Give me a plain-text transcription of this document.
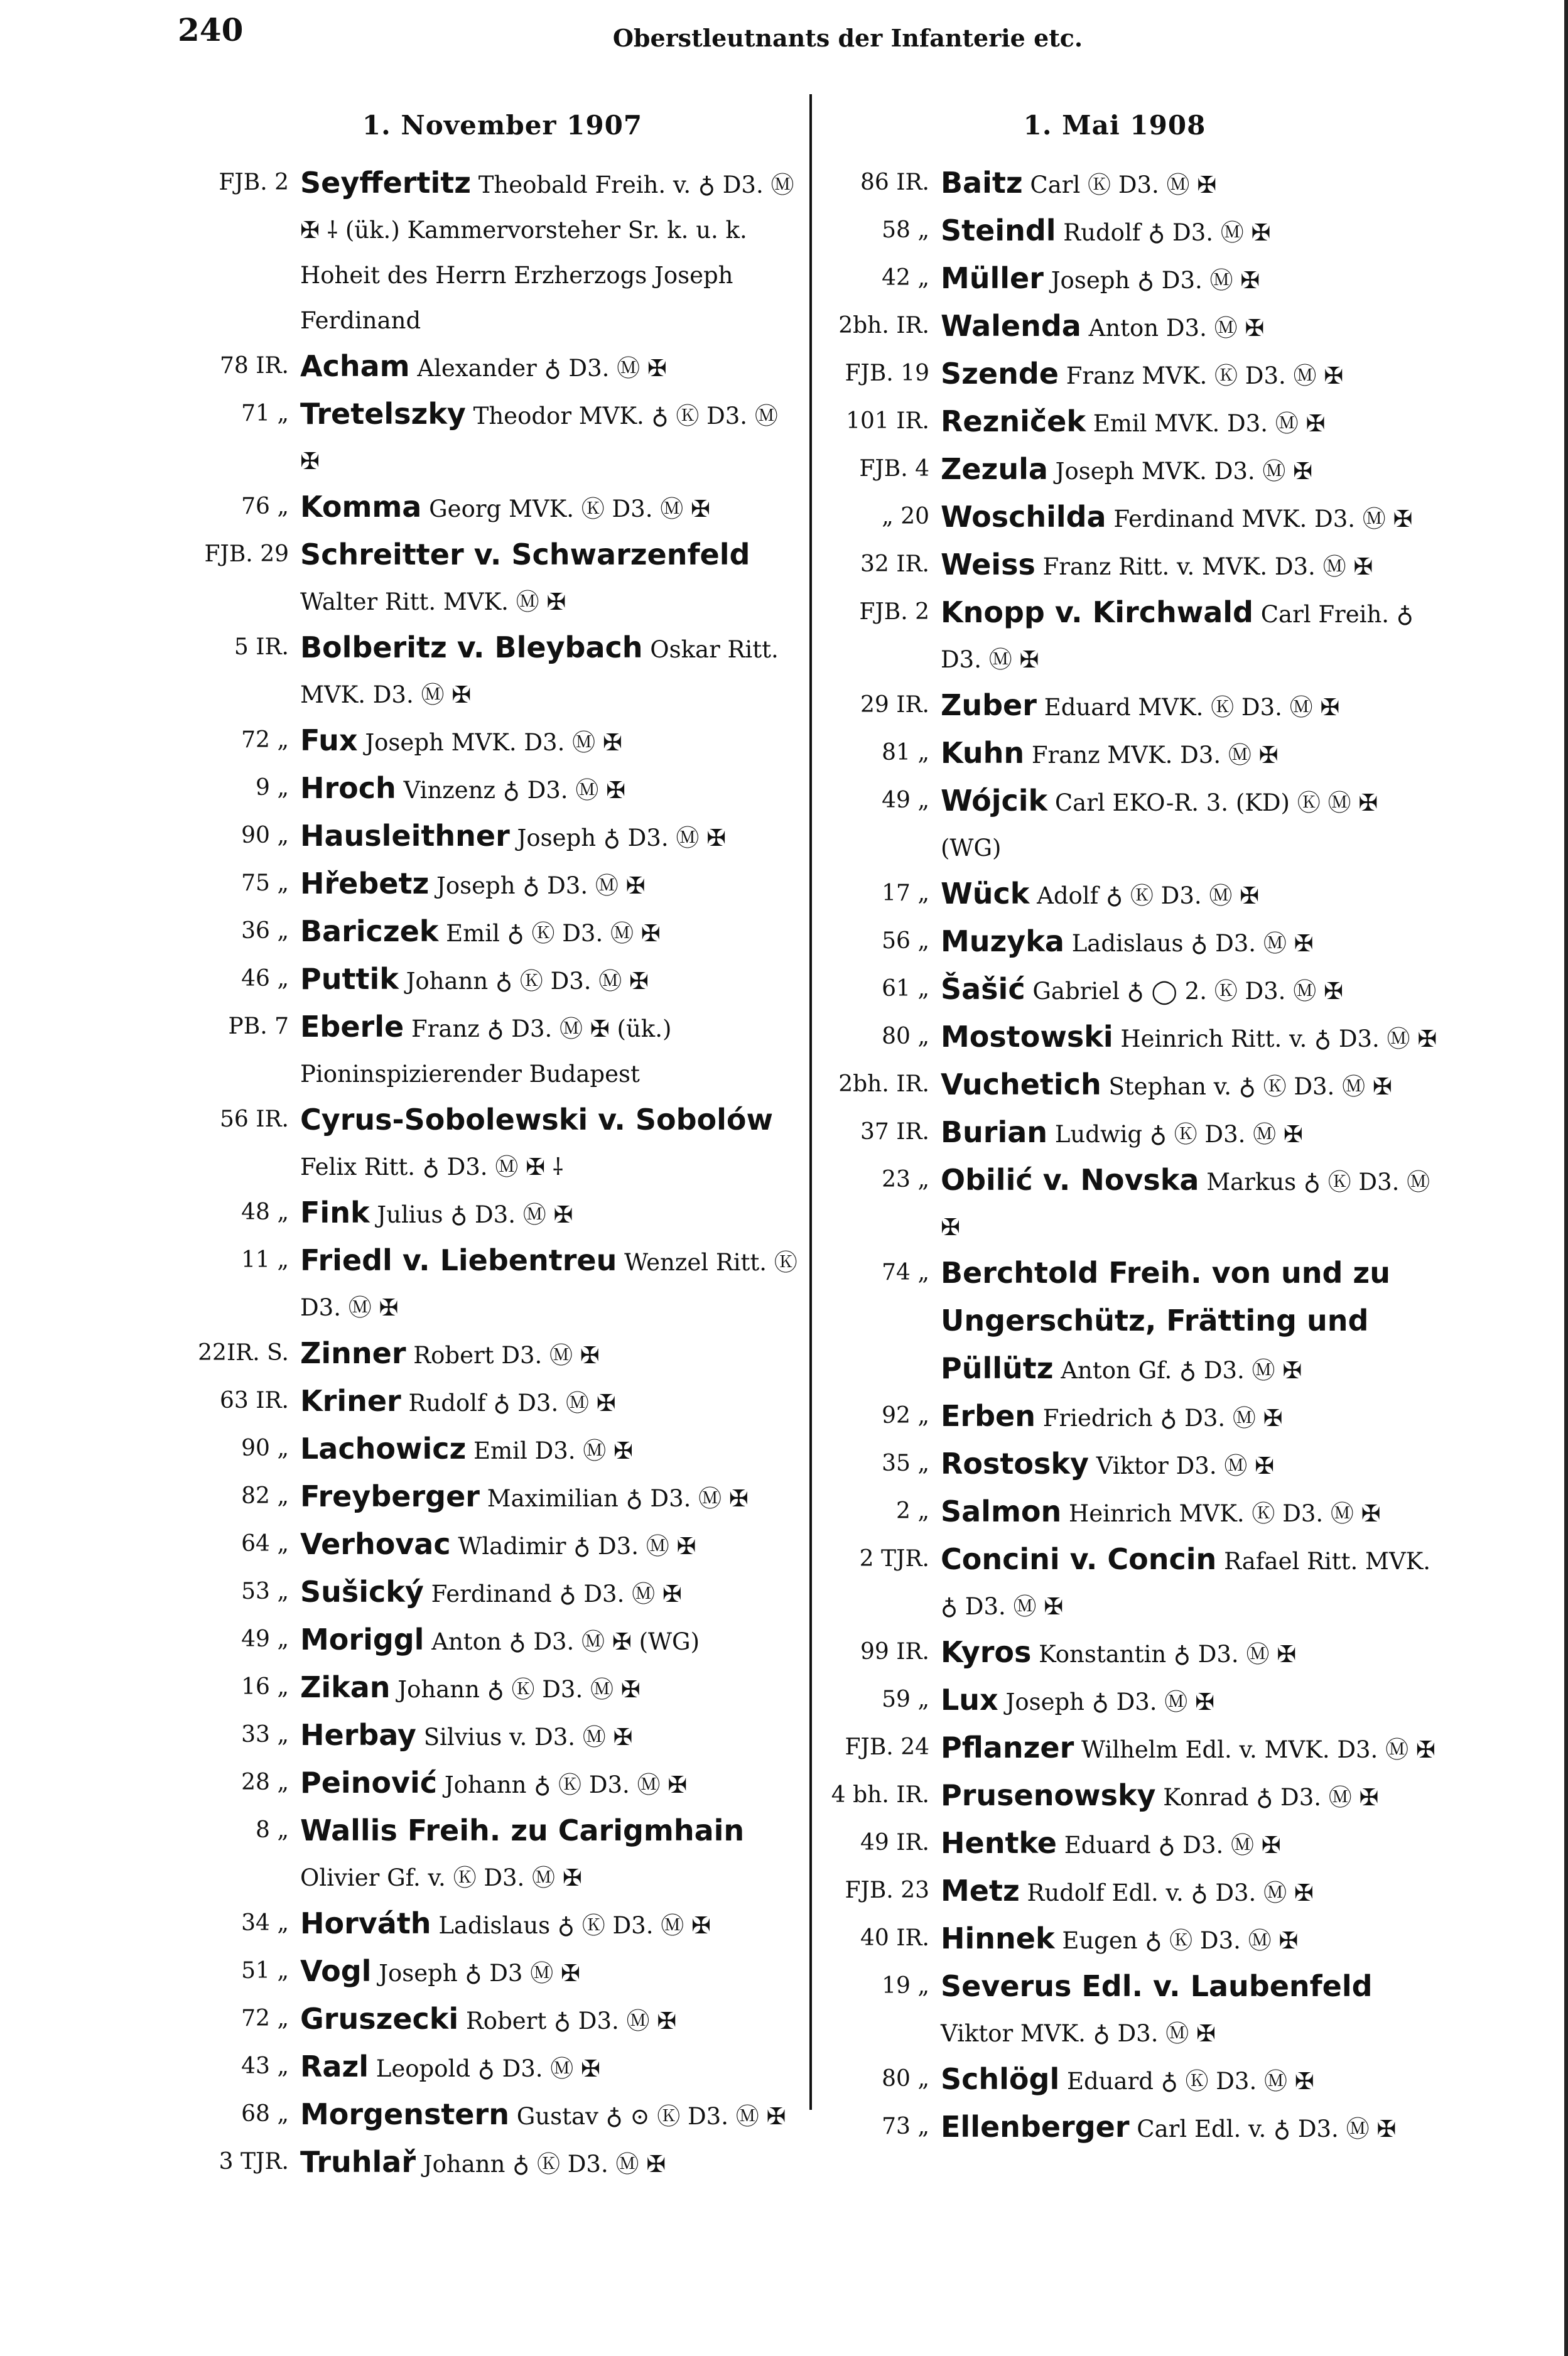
240	Oberstleutnants der Infanterie etc.
1. November 1907	1. Mai 1908
FJB. 2 Seyffertitz Theobald Freih. v. ♁ D3. Ⓜ ✠ ⸸ (ük.) Kammervorsteher Sr. k. u. k. Hoheit des Herrn Erzherzogs Joseph Ferdinand
78 IR. Acham Alexander ♁ D3. Ⓜ ✠
71 „ Tretelszky Theodor MVK. ♁ Ⓚ D3. Ⓜ ✠
76 „ Komma Georg MVK. Ⓚ D3. Ⓜ ✠
FJB. 29 Schreitter v. Schwarzenfeld Walter Ritt. MVK. Ⓜ ✠
5 IR. Bolberitz v. Bleybach Oskar Ritt. MVK. D3. Ⓜ ✠
72 „ Fux Joseph MVK. D3. Ⓜ ✠
9 „ Hroch Vinzenz ♁ D3. Ⓜ ✠
90 „ Hausleithner Joseph ♁ D3. Ⓜ ✠
75 „ Hřebetz Joseph ♁ D3. Ⓜ ✠
36 „ Bariczek Emil ♁ Ⓚ D3. Ⓜ ✠
46 „ Puttik Johann ♁ Ⓚ D3. Ⓜ ✠
PB. 7 Eberle Franz ♁ D3. Ⓜ ✠ (ük.) Pioninspizierender Budapest
56 IR. Cyrus-Sobolewski v. Sobolów Felix Ritt. ♁ D3. Ⓜ ✠ ⸸
48 „ Fink Julius ♁ D3. Ⓜ ✠
11 „ Friedl v. Liebentreu Wenzel Ritt. Ⓚ D3. Ⓜ ✠
22IR. S. Zinner Robert D3. Ⓜ ✠
63 IR. Kriner Rudolf ♁ D3. Ⓜ ✠
90 „ Lachowicz Emil D3. Ⓜ ✠
82 „ Freyberger Maximilian ♁ D3. Ⓜ ✠
64 „ Verhovac Wladimir ♁ D3. Ⓜ ✠
53 „ Sušický Ferdinand ♁ D3. Ⓜ ✠
49 „ Moriggl Anton ♁ D3. Ⓜ ✠ (WG)
16 „ Zikan Johann ♁ Ⓚ D3. Ⓜ ✠
33 „ Herbay Silvius v. D3. Ⓜ ✠
28 „ Peinović Johann ♁ Ⓚ D3. Ⓜ ✠
8 „ Wallis Freih. zu Carigmhain Olivier Gf. v. Ⓚ D3. Ⓜ ✠
34 „ Horváth Ladislaus ♁ Ⓚ D3. Ⓜ ✠
51 „ Vogl Joseph ♁ D3 Ⓜ ✠
72 „ Gruszecki Robert ♁ D3. Ⓜ ✠
43 „ Razl Leopold ♁ D3. Ⓜ ✠
68 „ Morgenstern Gustav ♁ ⊙ Ⓚ D3. Ⓜ ✠
3 TJR. Truhlař Johann ♁ Ⓚ D3. Ⓜ ✠
86 IR. Baitz Carl Ⓚ D3. Ⓜ ✠
58 „ Steindl Rudolf ♁ D3. Ⓜ ✠
42 „ Müller Joseph ♁ D3. Ⓜ ✠
2bh. IR. Walenda Anton D3. Ⓜ ✠
FJB. 19 Szende Franz MVK. Ⓚ D3. Ⓜ ✠
101 IR. Rezniček Emil MVK. D3. Ⓜ ✠
FJB. 4 Zezula Joseph MVK. D3. Ⓜ ✠
„ 20 Woschilda Ferdinand MVK. D3. Ⓜ ✠
32 IR. Weiss Franz Ritt. v. MVK. D3. Ⓜ ✠
FJB. 2 Knopp v. Kirchwald Carl Freih. ♁ D3. Ⓜ ✠
29 IR. Zuber Eduard MVK. Ⓚ D3. Ⓜ ✠
81 „ Kuhn Franz MVK. D3. Ⓜ ✠
49 „ Wójcik Carl EKO-R. 3. (KD) Ⓚ Ⓜ ✠ (WG)
17 „ Wück Adolf ♁ Ⓚ D3. Ⓜ ✠
56 „ Muzyka Ladislaus ♁ D3. Ⓜ ✠
61 „ Šašić Gabriel ♁ ◯ 2. Ⓚ D3. Ⓜ ✠
80 „ Mostowski Heinrich Ritt. v. ♁ D3. Ⓜ ✠
2bh. IR. Vuchetich Stephan v. ♁ Ⓚ D3. Ⓜ ✠
37 IR. Burian Ludwig ♁ Ⓚ D3. Ⓜ ✠
23 „ Obilić v. Novska Markus ♁ Ⓚ D3. Ⓜ ✠
74 „ Berchtold Freih. von und zu Ungerschütz, Frätting und Püllütz Anton Gf. ♁ D3. Ⓜ ✠
92 „ Erben Friedrich ♁ D3. Ⓜ ✠
35 „ Rostosky Viktor D3. Ⓜ ✠
2 „ Salmon Heinrich MVK. Ⓚ D3. Ⓜ ✠
2 TJR. Concini v. Concin Rafael Ritt. MVK. ♁ D3. Ⓜ ✠
99 IR. Kyros Konstantin ♁ D3. Ⓜ ✠
59 „ Lux Joseph ♁ D3. Ⓜ ✠
FJB. 24 Pflanzer Wilhelm Edl. v. MVK. D3. Ⓜ ✠
4 bh. IR. Prusenowsky Konrad ♁ D3. Ⓜ ✠
49 IR. Hentke Eduard ♁ D3. Ⓜ ✠
FJB. 23 Metz Rudolf Edl. v. ♁ D3. Ⓜ ✠
40 IR. Hinnek Eugen ♁ Ⓚ D3. Ⓜ ✠
19 „ Severus Edl. v. Laubenfeld Viktor MVK. ♁ D3. Ⓜ ✠
80 „ Schlögl Eduard ♁ Ⓚ D3. Ⓜ ✠
73 „ Ellenberger Carl Edl. v. ♁ D3. Ⓜ ✠
